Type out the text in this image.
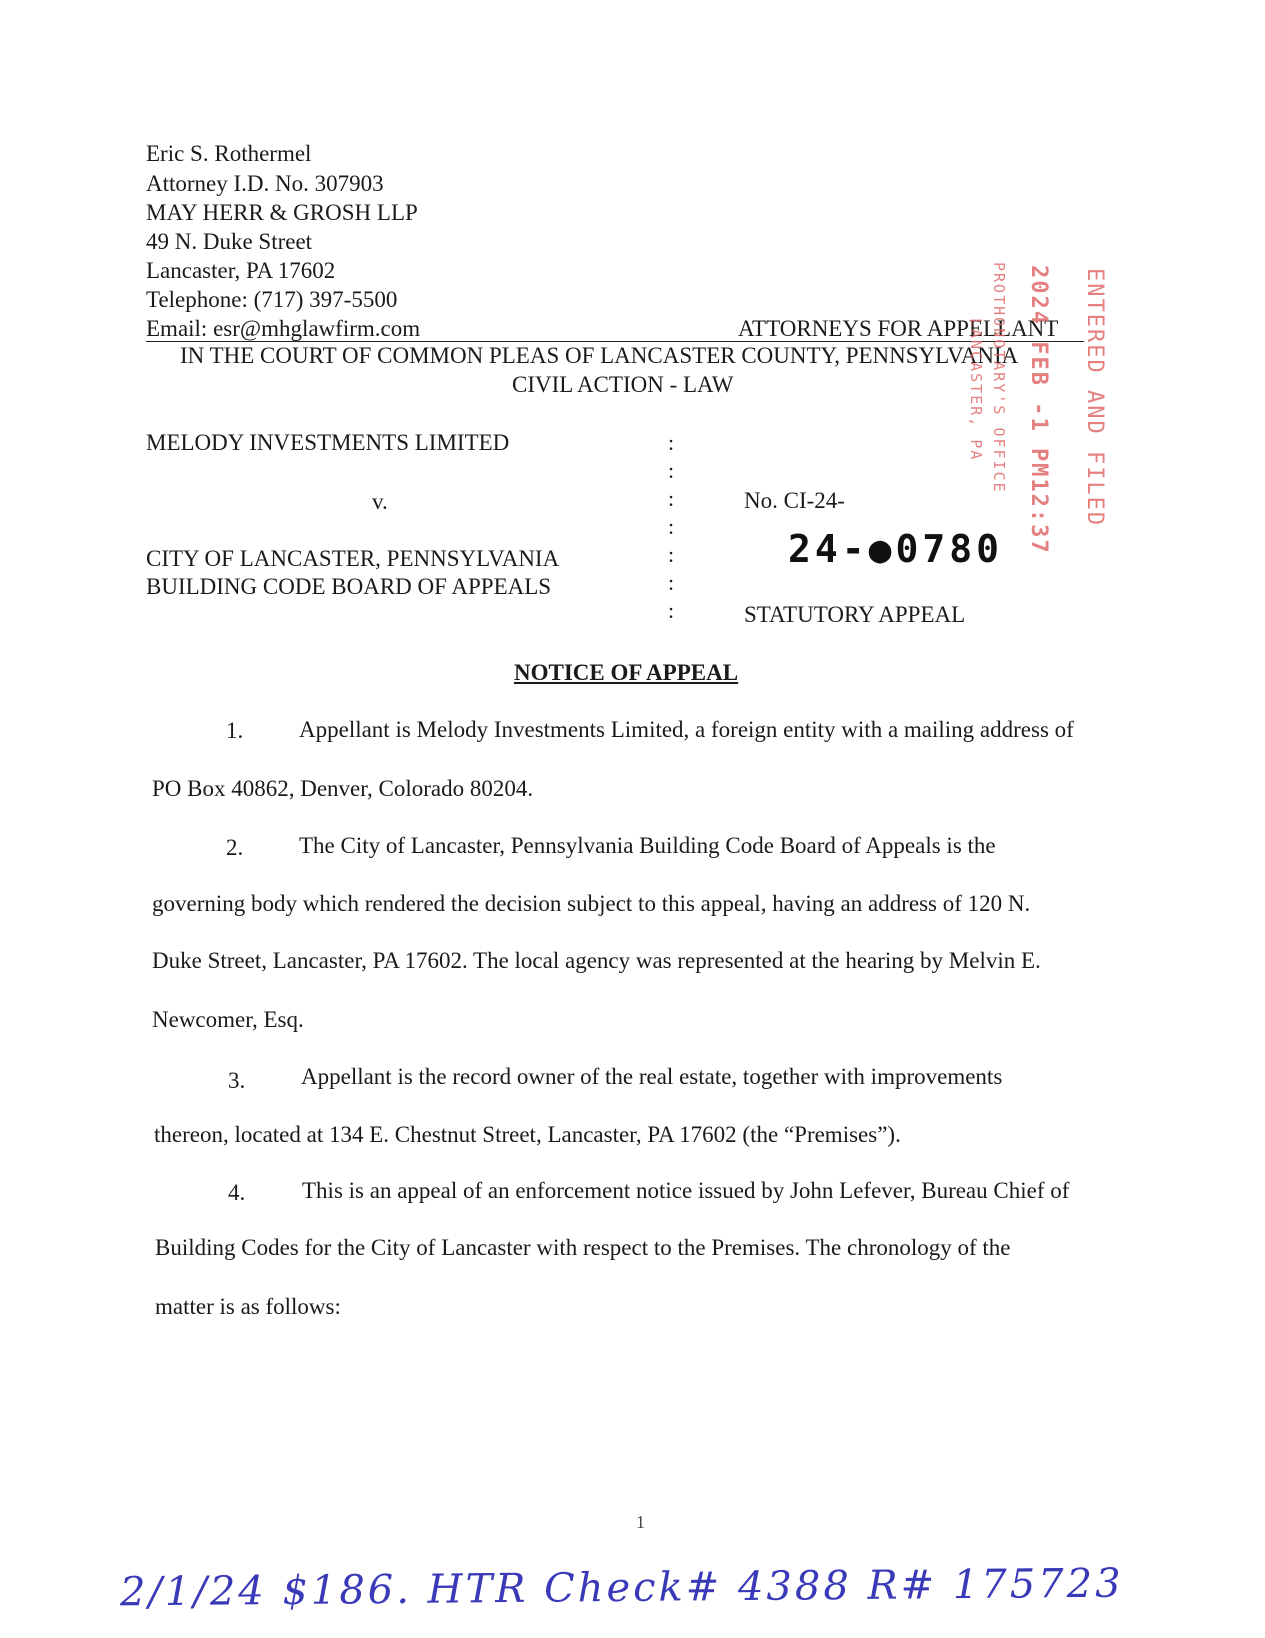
Eric S. Rothermel
Attorney I.D. No. 307903
MAY HERR & GROSH LLP
49 N. Duke Street
Lancaster, PA 17602
Telephone: (717) 397-5500
Email: esr@mhglawfirm.com	ATTORNEYS FOR APPELLANT
IN THE COURT OF COMMON PLEAS OF LANCASTER COUNTY, PENNSYLVANIA
CIVIL ACTION - LAW
MELODY INVESTMENTS LIMITED
v.
CITY OF LANCASTER, PENNSYLVANIA
BUILDING CODE BOARD OF APPEALS
:
:
:
:
:
:
:
No. CI-24-
24-●0780
STATUTORY APPEAL
ENTERED AND FILED
2024 FEB -1 PM12:37
PROTHONOTARY'S OFFICE
LANCASTER, PA
NOTICE OF APPEAL
1. Appellant is Melody Investments Limited, a foreign entity with a mailing address of
PO Box 40862, Denver, Colorado 80204.
2. The City of Lancaster, Pennsylvania Building Code Board of Appeals is the
governing body which rendered the decision subject to this appeal, having an address of 120 N.
Duke Street, Lancaster, PA 17602. The local agency was represented at the hearing by Melvin E.
Newcomer, Esq.
3. Appellant is the record owner of the real estate, together with improvements
thereon, located at 134 E. Chestnut Street, Lancaster, PA 17602 (the “Premises”).
4. This is an appeal of an enforcement notice issued by John Lefever, Bureau Chief of
Building Codes for the City of Lancaster with respect to the Premises. The chronology of the
matter is as follows:
1
2/1/24 $186. HTR Check# 4388 R# 175723
